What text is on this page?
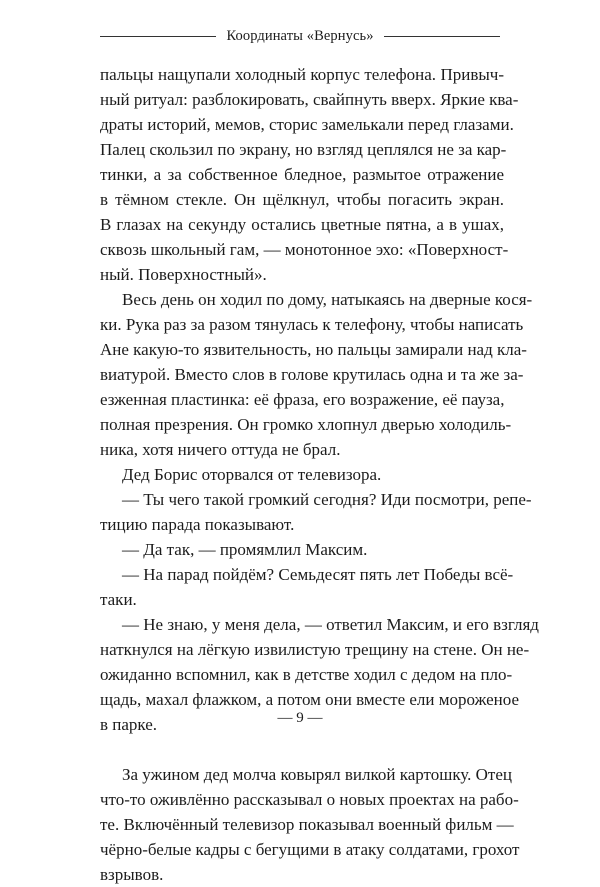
Координаты «Вернусь»
пальцы нащупали холодный корпус телефона. Привыч-
ный ритуал: разблокировать, свайпнуть вверх. Яркие ква-
драты историй, мемов, сторис замелькали перед глазами.
Палец скользил по экрану, но взгляд цеплялся не за кар-
тинки, а за собственное бледное, размытое отражение
в тёмном стекле. Он щёлкнул, чтобы погасить экран.
В глазах на секунду остались цветные пятна, а в ушах,
сквозь школьный гам, — монотонное эхо: «Поверхност-
ный. Поверхностный».
Весь день он ходил по дому, натыкаясь на дверные кося-
ки. Рука раз за разом тянулась к телефону, чтобы написать
Ане какую-то язвительность, но пальцы замирали над кла-
виатурой. Вместо слов в голове крутилась одна и та же за-
езженная пластинка: её фраза, его возражение, её пауза,
полная презрения. Он громко хлопнул дверью холодиль-
ника, хотя ничего оттуда не брал.
Дед Борис оторвался от телевизора.
— Ты чего такой громкий сегодня? Иди посмотри, репе-
тицию парада показывают.
— Да так, — промямлил Максим.
— На парад пойдём? Семьдесят пять лет Победы всё-
таки.
— Не знаю, у меня дела, — ответил Максим, и его взгляд
наткнулся на лёгкую извилистую трещину на стене. Он не-
ожиданно вспомнил, как в детстве ходил с дедом на пло-
щадь, махал флажком, а потом они вместе ели мороженое
в парке.
За ужином дед молча ковырял вилкой картошку. Отец
что-то оживлённо рассказывал о новых проектах на рабо-
те. Включённый телевизор показывал военный фильм —
чёрно-белые кадры с бегущими в атаку солдатами, грохот
взрывов.
— 9 —
